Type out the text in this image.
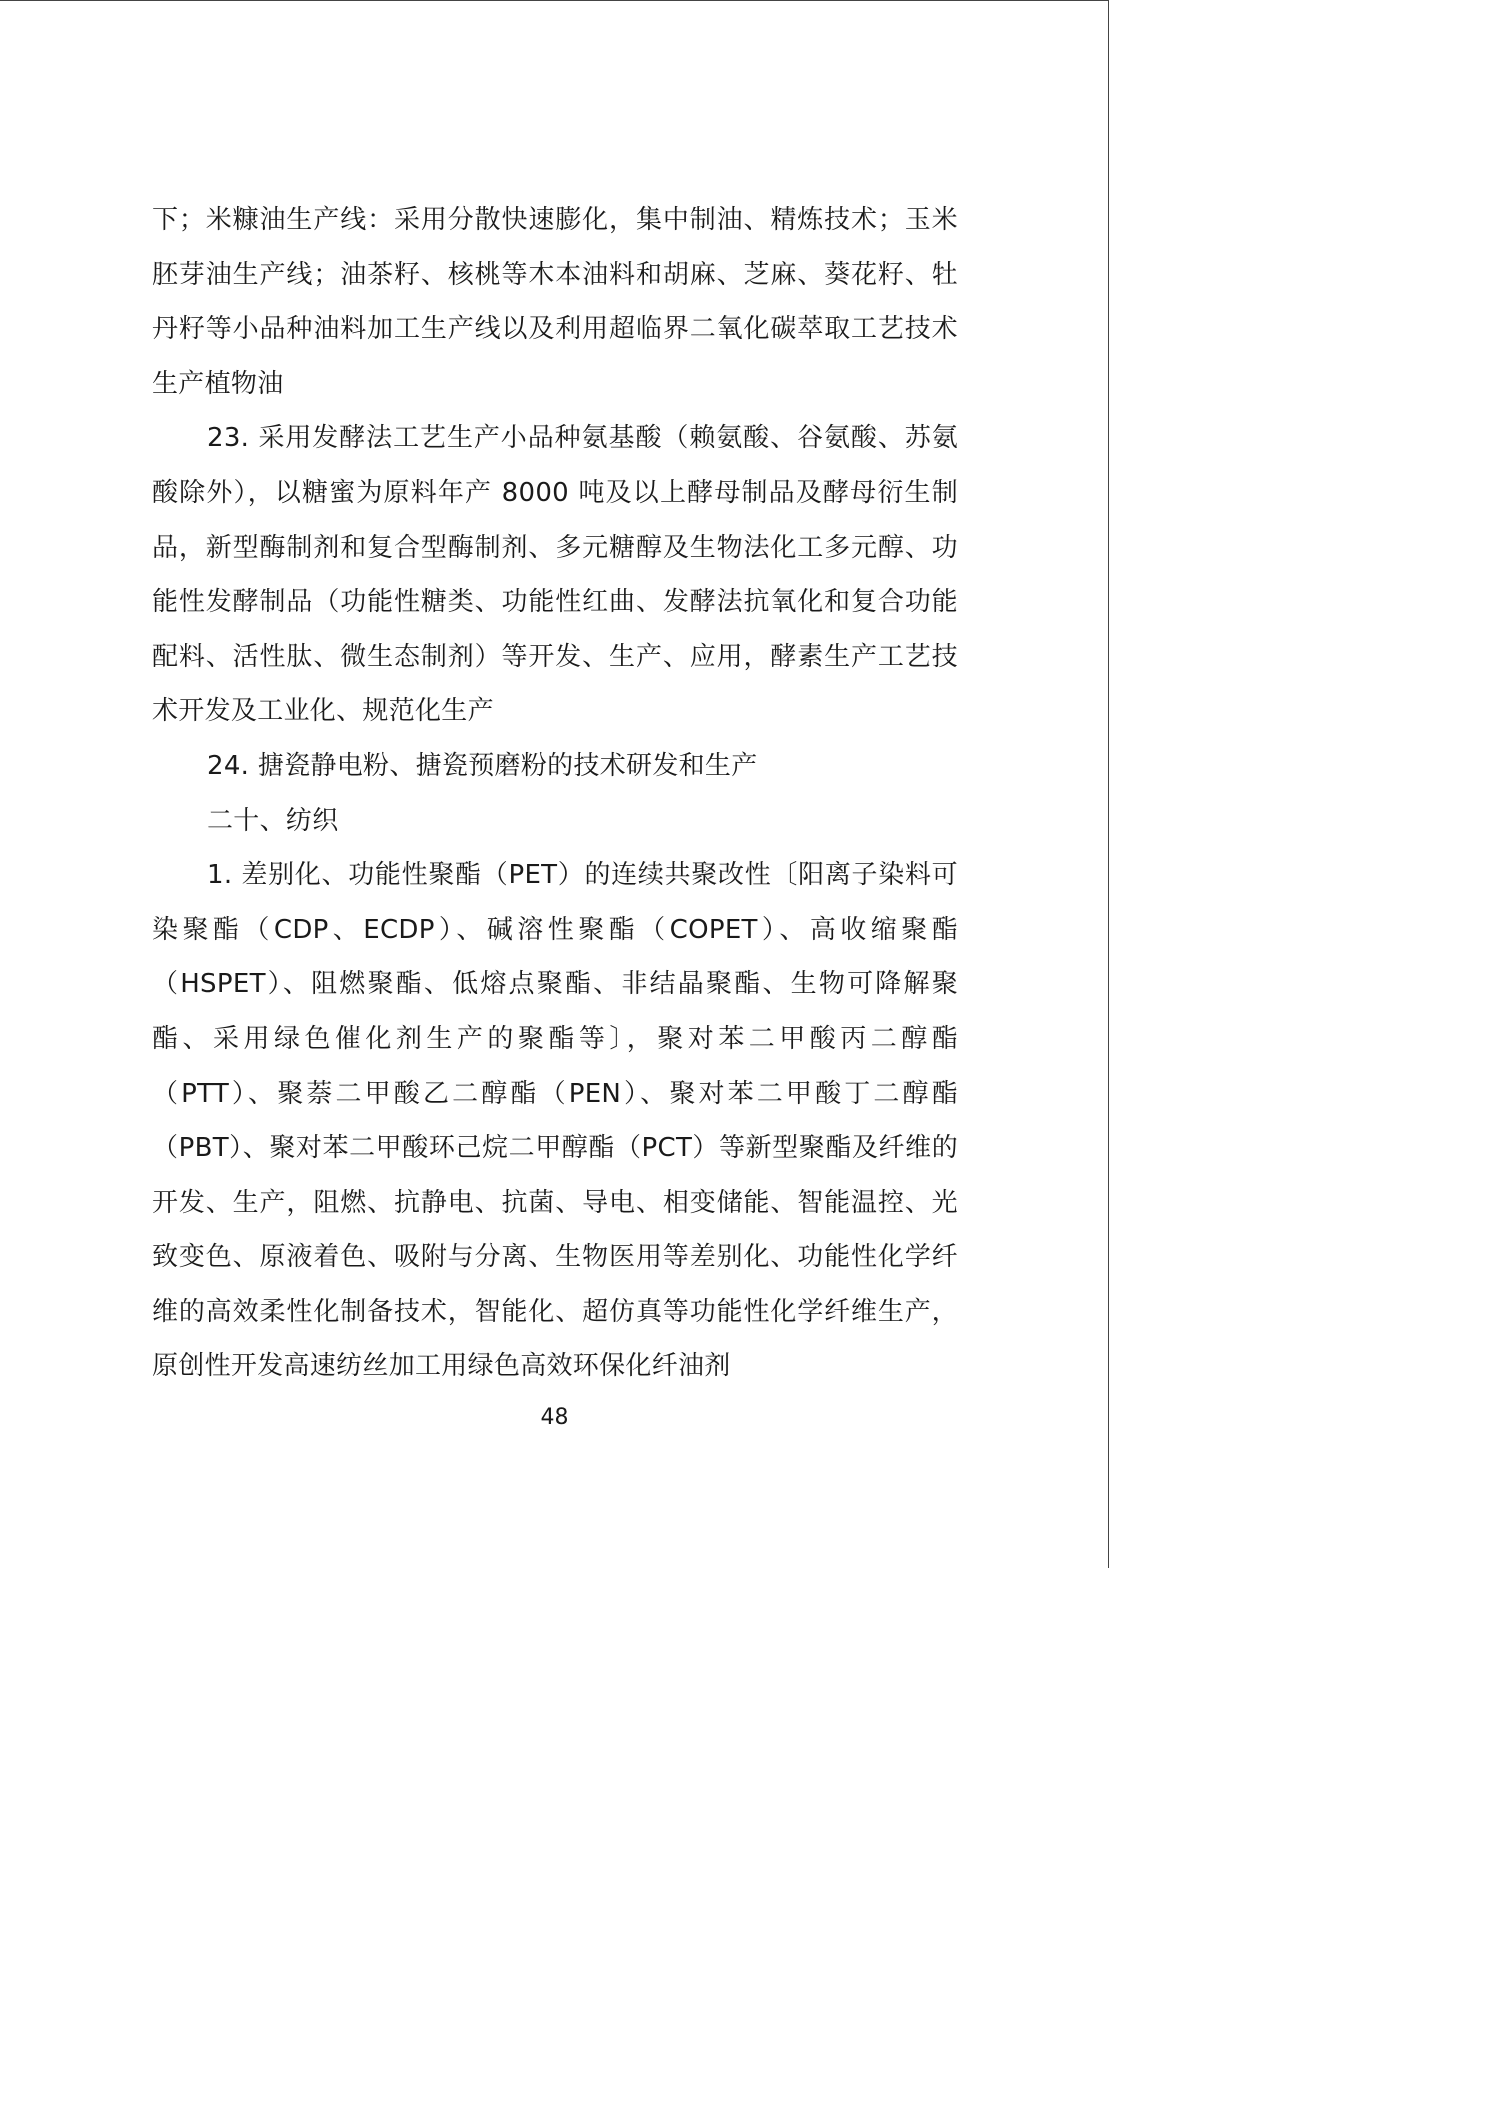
下；米糠油生产线：采用分散快速膨化，集中制油、精炼技术；玉米胚芽油生产线；油茶籽、核桃等木本油料和胡麻、芝麻、葵花籽、牡丹籽等小品种油料加工生产线以及利用超临界二氧化碳萃取工艺技术生产植物油

23. 采用发酵法工艺生产小品种氨基酸（赖氨酸、谷氨酸、苏氨酸除外），以糖蜜为原料年产 8000 吨及以上酵母制品及酵母衍生制品，新型酶制剂和复合型酶制剂、多元糖醇及生物法化工多元醇、功能性发酵制品（功能性糖类、功能性红曲、发酵法抗氧化和复合功能配料、活性肽、微生态制剂）等开发、生产、应用，酵素生产工艺技术开发及工业化、规范化生产

24. 搪瓷静电粉、搪瓷预磨粉的技术研发和生产

二十、纺织

1. 差别化、功能性聚酯（PET）的连续共聚改性〔阳离子染料可染聚酯（CDP、ECDP）、碱溶性聚酯（COPET）、高收缩聚酯（HSPET）、阻燃聚酯、低熔点聚酯、非结晶聚酯、生物可降解聚酯、采用绿色催化剂生产的聚酯等〕，聚对苯二甲酸丙二醇酯（PTT）、聚萘二甲酸乙二醇酯（PEN）、聚对苯二甲酸丁二醇酯（PBT）、聚对苯二甲酸环己烷二甲醇酯（PCT）等新型聚酯及纤维的开发、生产，阻燃、抗静电、抗菌、导电、相变储能、智能温控、光致变色、原液着色、吸附与分离、生物医用等差别化、功能性化学纤维的高效柔性化制备技术，智能化、超仿真等功能性化学纤维生产，原创性开发高速纺丝加工用绿色高效环保化纤油剂

48
